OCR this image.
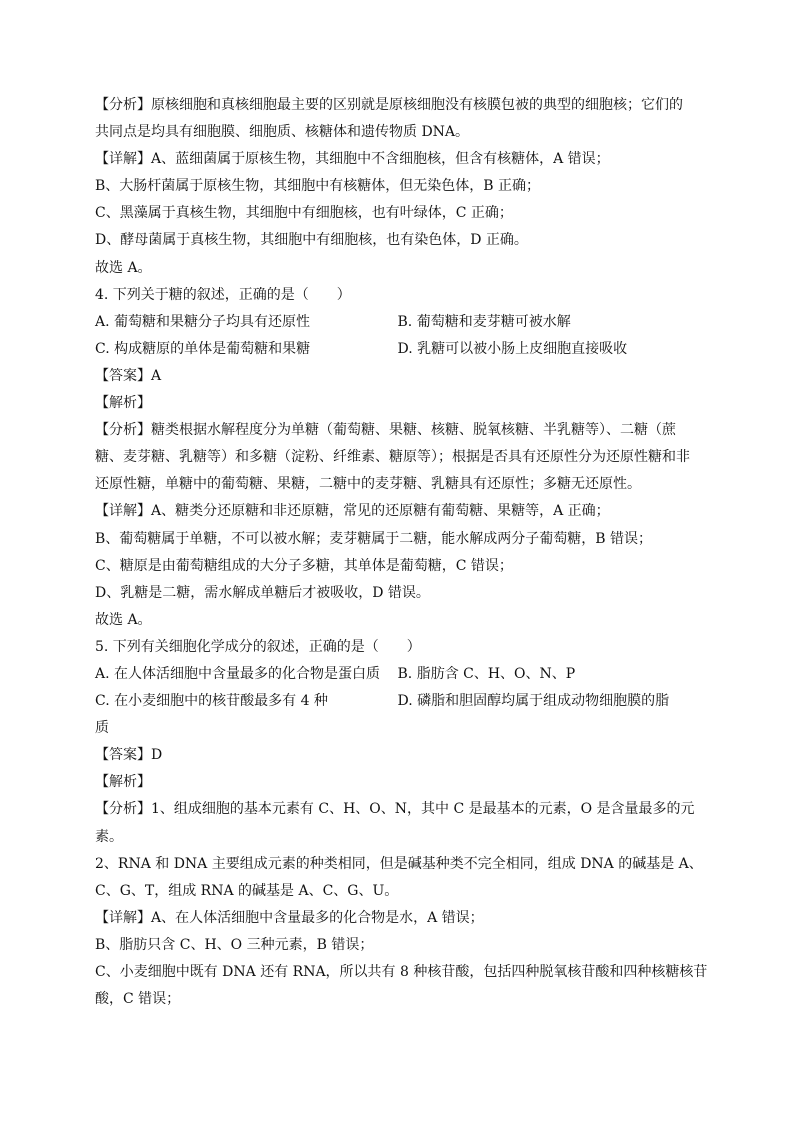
【分析】原核细胞和真核细胞最主要的区别就是原核细胞没有核膜包被的典型的细胞核；它们的
共同点是均具有细胞膜、细胞质、核糖体和遗传物质 DNA。
【详解】A、蓝细菌属于原核生物，其细胞中不含细胞核，但含有核糖体，A 错误；
B、大肠杆菌属于原核生物，其细胞中有核糖体，但无染色体，B 正确；
C、黑藻属于真核生物，其细胞中有细胞核，也有叶绿体，C 正确；
D、酵母菌属于真核生物，其细胞中有细胞核，也有染色体，D 正确。
故选 A。
4. 下列关于糖的叙述，正确的是（　　）
A. 葡萄糖和果糖分子均具有还原性	B. 葡萄糖和麦芽糖可被水解
C. 构成糖原的单体是葡萄糖和果糖	D. 乳糖可以被小肠上皮细胞直接吸收
【答案】A
【解析】
【分析】糖类根据水解程度分为单糖（葡萄糖、果糖、核糖、脱氧核糖、半乳糖等）、二糖（蔗
糖、麦芽糖、乳糖等）和多糖（淀粉、纤维素、糖原等）；根据是否具有还原性分为还原性糖和非
还原性糖，单糖中的葡萄糖、果糖，二糖中的麦芽糖、乳糖具有还原性；多糖无还原性。
【详解】A、糖类分还原糖和非还原糖，常见的还原糖有葡萄糖、果糖等，A 正确；
B、葡萄糖属于单糖，不可以被水解；麦芽糖属于二糖，能水解成两分子葡萄糖，B 错误；
C、糖原是由葡萄糖组成的大分子多糖，其单体是葡萄糖，C 错误；
D、乳糖是二糖，需水解成单糖后才被吸收，D 错误。
故选 A。
5. 下列有关细胞化学成分的叙述，正确的是（　　）
A. 在人体活细胞中含量最多的化合物是蛋白质	B. 脂肪含 C、H、O、N、P
C. 在小麦细胞中的核苷酸最多有 4 种	D. 磷脂和胆固醇均属于组成动物细胞膜的脂
质
【答案】D
【解析】
【分析】1、组成细胞的基本元素有 C、H、O、N，其中 C 是最基本的元素，O 是含量最多的元
素。
2、RNA 和 DNA 主要组成元素的种类相同，但是碱基种类不完全相同，组成 DNA 的碱基是 A、
C、G、T，组成 RNA 的碱基是 A、C、G、U。
【详解】A、在人体活细胞中含量最多的化合物是水，A 错误；
B、脂肪只含 C、H、O 三种元素，B 错误；
C、小麦细胞中既有 DNA 还有 RNA，所以共有 8 种核苷酸，包括四种脱氧核苷酸和四种核糖核苷
酸，C 错误；
